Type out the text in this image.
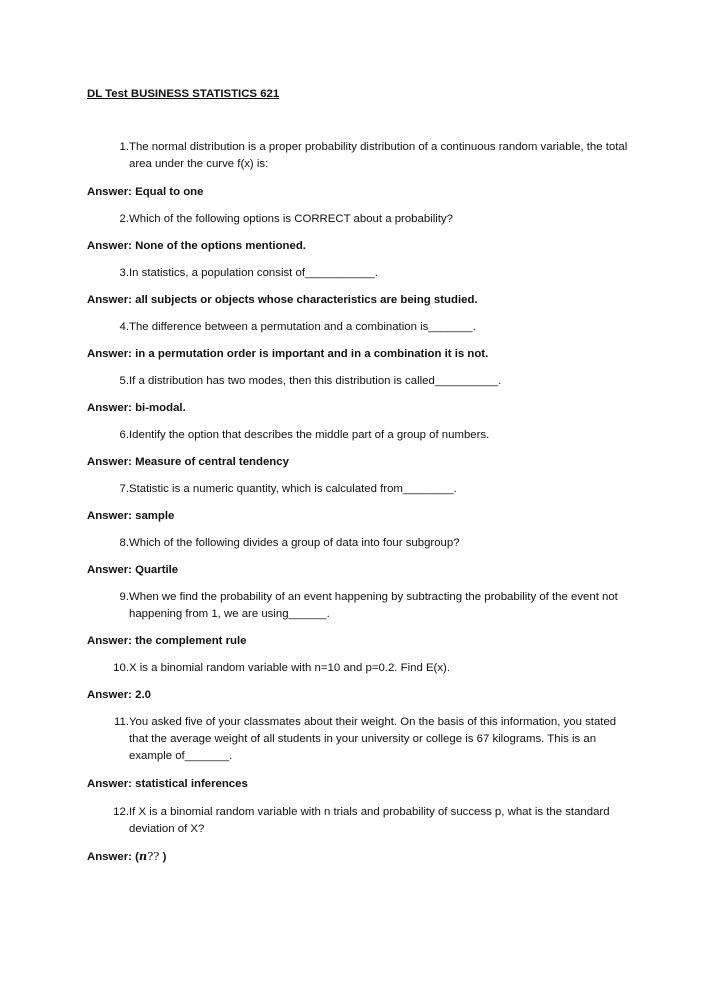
DL Test BUSINESS STATISTICS 621

1. The normal distribution is a proper probability distribution of a continuous random variable, the total area under the curve f(x) is:

Answer: Equal to one

2. Which of the following options is CORRECT about a probability?

Answer: None of the options mentioned.

3. In statistics, a population consist of___________.

Answer: all subjects or objects whose characteristics are being studied.

4. The difference between a permutation and a combination is_______.

Answer: in a permutation order is important and in a combination it is not.

5. If a distribution has two modes, then this distribution is called__________.

Answer: bi-modal.

6. Identify the option that describes the middle part of a group of numbers.

Answer: Measure of central tendency

7. Statistic is a numeric quantity, which is calculated from________.

Answer: sample

8. Which of the following divides a group of data into four subgroup?

Answer: Quartile

9. When we find the probability of an event happening by subtracting the probability of the event not happening from 1, we are using______.

Answer: the complement rule

10. X is a binomial random variable with n=10 and p=0.2. Find E(x).

Answer: 2.0

11. You asked five of your classmates about their weight. On the basis of this information, you stated that the average weight of all students in your university or college is 67 kilograms. This is an example of_______.

Answer: statistical inferences

12. If X is a binomial random variable with n trials and probability of success p, what is the standard deviation of X?

Answer: (n?? )
